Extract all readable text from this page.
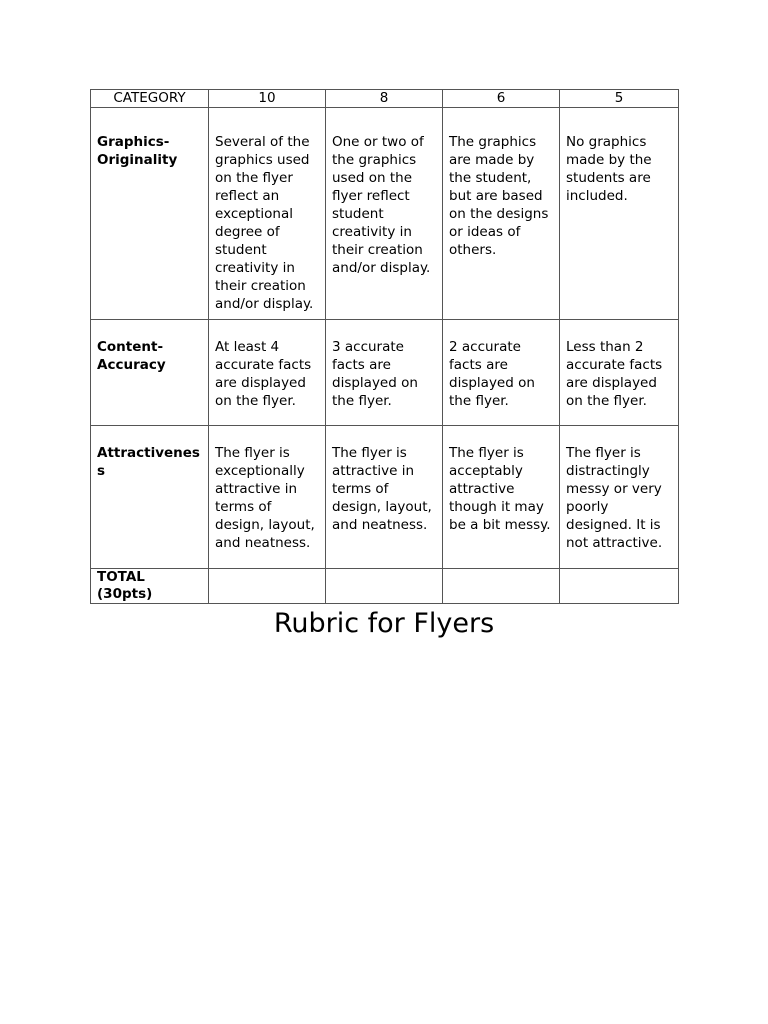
CATEGORY	10	8	6	5
Graphics-Originality	Several of the graphics used on the flyer reflect an exceptional degree of student creativity in their creation and/or display.	One or two of the graphics used on the flyer reflect student creativity in their creation and/or display.	The graphics are made by the student, but are based on the designs or ideas of others.	No graphics made by the students are included.
Content-Accuracy	At least 4 accurate facts are displayed on the flyer.	3 accurate facts are displayed on the flyer.	2 accurate facts are displayed on the flyer.	Less than 2 accurate facts are displayed on the flyer.
Attractiveness	The flyer is exceptionally attractive in terms of design, layout, and neatness.	The flyer is attractive in terms of design, layout, and neatness.	The flyer is acceptably attractive though it may be a bit messy.	The flyer is distractingly messy or very poorly designed. It is not attractive.
TOTAL (30pts)				
Rubric for Flyers
